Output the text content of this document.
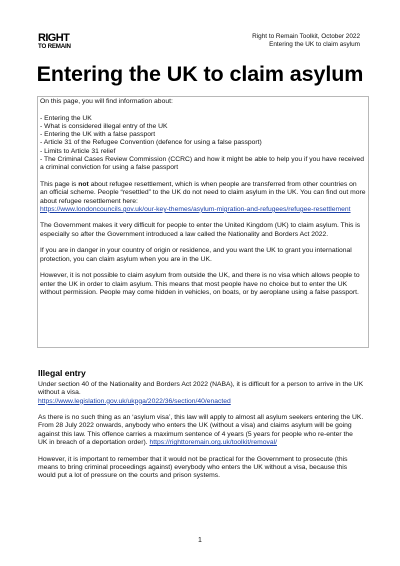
RIGHT
TO REMAIN
Right to Remain Toolkit, October 2022
Entering the UK to claim asylum
Entering the UK to claim asylum

On this page, you will find information about:

- Entering the UK

- What is considered illegal entry of the UK

- Entering the UK with a false passport

- Article 31 of the Refugee Convention (defence for using a false passport)

- Limits to Article 31 relief

- The Criminal Cases Review Commission (CCRC) and how it might be able to help you if you have received a criminal conviction for using a false passport

This page is not about refugee resettlement, which is when people are transferred from other countries on an official scheme. People “resettled” to the UK do not need to claim asylum in the UK. You can find out more about refugee resettlement here:

https://www.londoncouncils.gov.uk/our-key-themes/asylum-migration-and-refugees/refugee-resettlement

The Government makes it very difficult for people to enter the United Kingdom (UK) to claim asylum. This is especially so after the Government introduced a law called the Nationality and Borders Act 2022.

If you are in danger in your country of origin or residence, and you want the UK to grant you international protection, you can claim asylum when you are in the UK.

However, it is not possible to claim asylum from outside the UK, and there is no visa which allows people to enter the UK in order to claim asylum. This means that most people have no choice but to enter the UK without permission. People may come hidden in vehicles, on boats, or by aeroplane using a false passport.

Illegal entry

Under section 40 of the Nationality and Borders Act 2022 (NABA), it is difficult for a person to arrive in the UK without a visa.
https://www.legislation.gov.uk/ukpga/2022/36/section/40/enacted

As there is no such thing as an ‘asylum visa’, this law will apply to almost all asylum seekers entering the UK. From 28 July 2022 onwards, anybody who enters the UK (without a visa) and claims asylum will be going against this law. This offence carries a maximum sentence of 4 years (5 years for people who re-enter the UK in breach of a deportation order). https://righttoremain.org.uk/toolkit/removal/

However, it is important to remember that it would not be practical for the Government to prosecute (this means to bring criminal proceedings against) everybody who enters the UK without a visa, because this would put a lot of pressure on the courts and prison systems.

1
